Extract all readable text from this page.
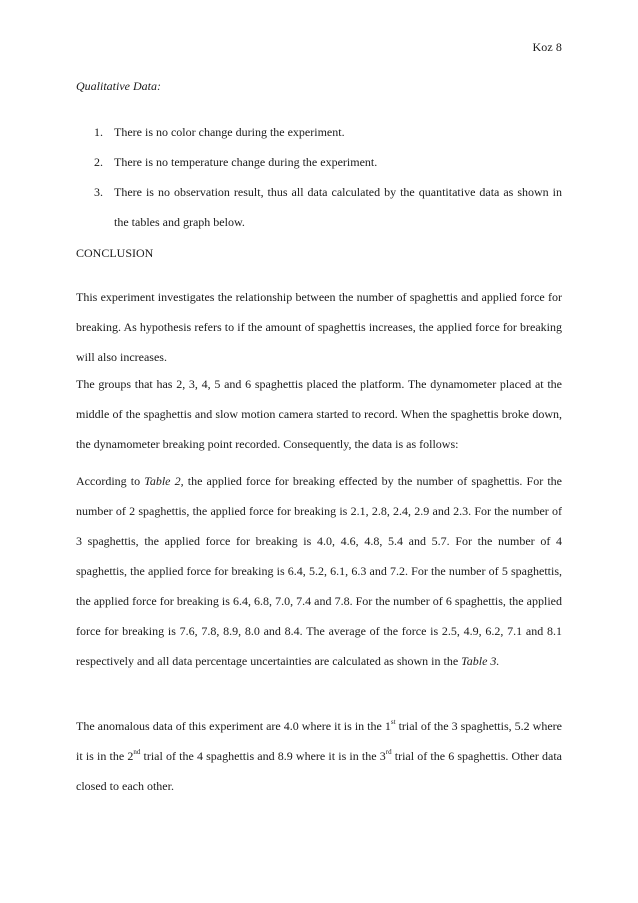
Koz 8
Qualitative Data:
1. There is no color change during the experiment.
2. There is no temperature change during the experiment.
3. There is no observation result, thus all data calculated by the quantitative data as shown in the tables and graph below.
CONCLUSION
This experiment investigates the relationship between the number of spaghettis and applied force for breaking. As hypothesis refers to if the amount of spaghettis increases, the applied force for breaking will also increases.
The groups that has 2, 3, 4, 5 and 6 spaghettis placed the platform. The dynamometer placed at the middle of the spaghettis and slow motion camera started to record. When the spaghettis broke down, the dynamometer breaking point recorded. Consequently, the data is as follows:
According to Table 2, the applied force for breaking effected by the number of spaghettis. For the number of 2 spaghettis, the applied force for breaking is 2.1, 2.8, 2.4, 2.9 and 2.3. For the number of 3 spaghettis, the applied force for breaking is 4.0, 4.6, 4.8, 5.4 and 5.7. For the number of 4 spaghettis, the applied force for breaking is 6.4, 5.2, 6.1, 6.3 and 7.2. For the number of 5 spaghettis, the applied force for breaking is 6.4, 6.8, 7.0, 7.4 and 7.8. For the number of 6 spaghettis, the applied force for breaking is 7.6, 7.8, 8.9, 8.0 and 8.4. The average of the force is 2.5, 4.9, 6.2, 7.1 and 8.1 respectively and all data percentage uncertainties are calculated as shown in the Table 3.
The anomalous data of this experiment are 4.0 where it is in the 1st trial of the 3 spaghettis, 5.2 where it is in the 2nd trial of the 4 spaghettis and 8.9 where it is in the 3rd trial of the 6 spaghettis. Other data closed to each other.
